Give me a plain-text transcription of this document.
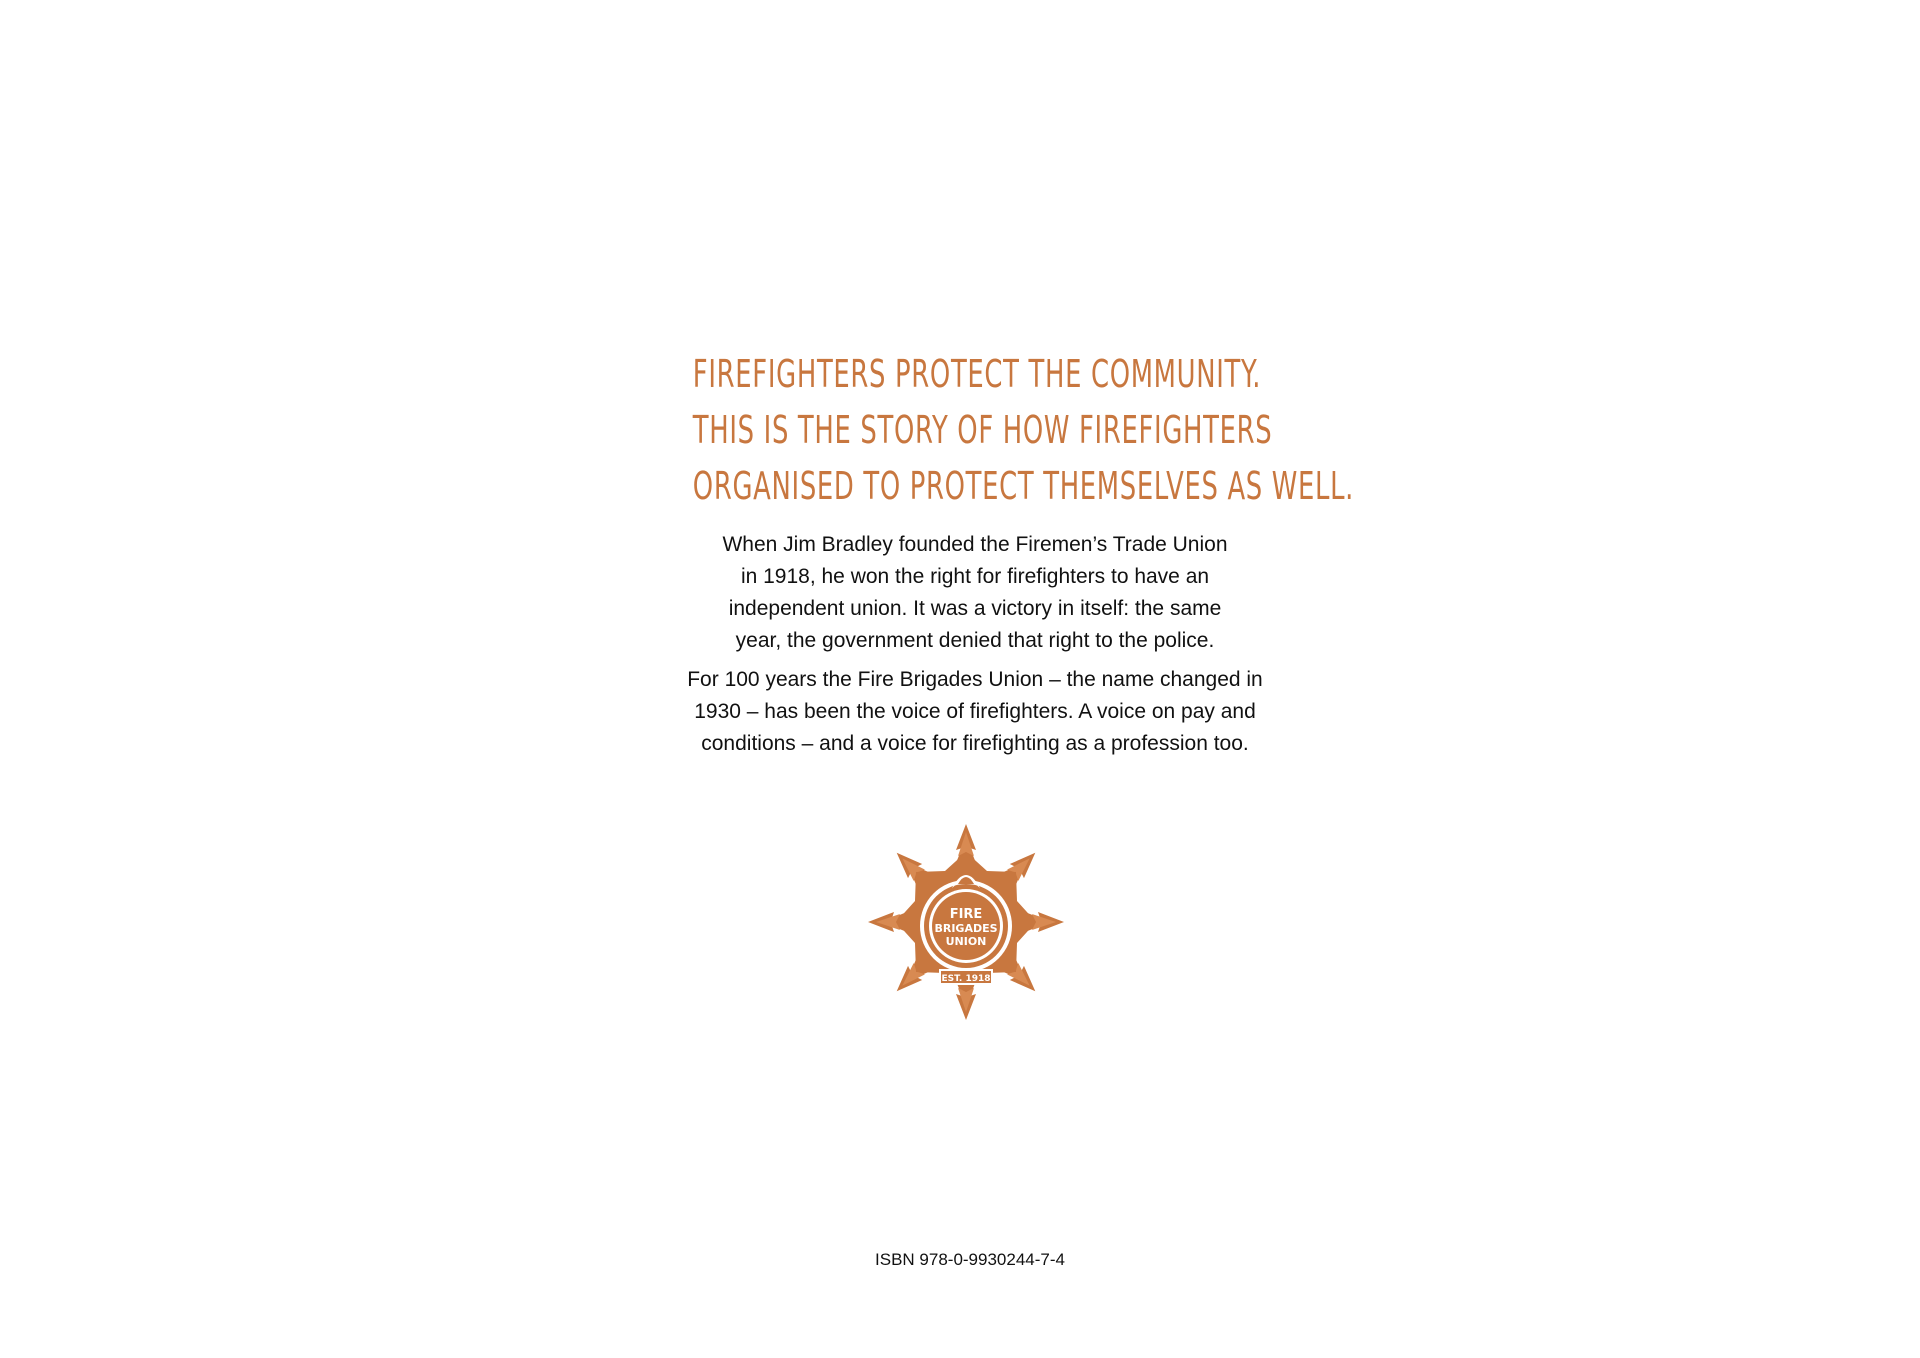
FIREFIGHTERS PROTECT THE COMMUNITY.
THIS IS THE STORY OF HOW FIREFIGHTERS
ORGANISED TO PROTECT THEMSELVES AS WELL.

When Jim Bradley founded the Firemen’s Trade Union
in 1918, he won the right for firefighters to have an
independent union. It was a victory in itself: the same
year, the government denied that right to the police.

For 100 years the Fire Brigades Union – the name changed in
1930 – has been the voice of firefighters. A voice on pay and
conditions – and a voice for firefighting as a profession too.

FIRE
BRIGADES
UNION
EST. 1918

ISBN 978-0-9930244-7-4
